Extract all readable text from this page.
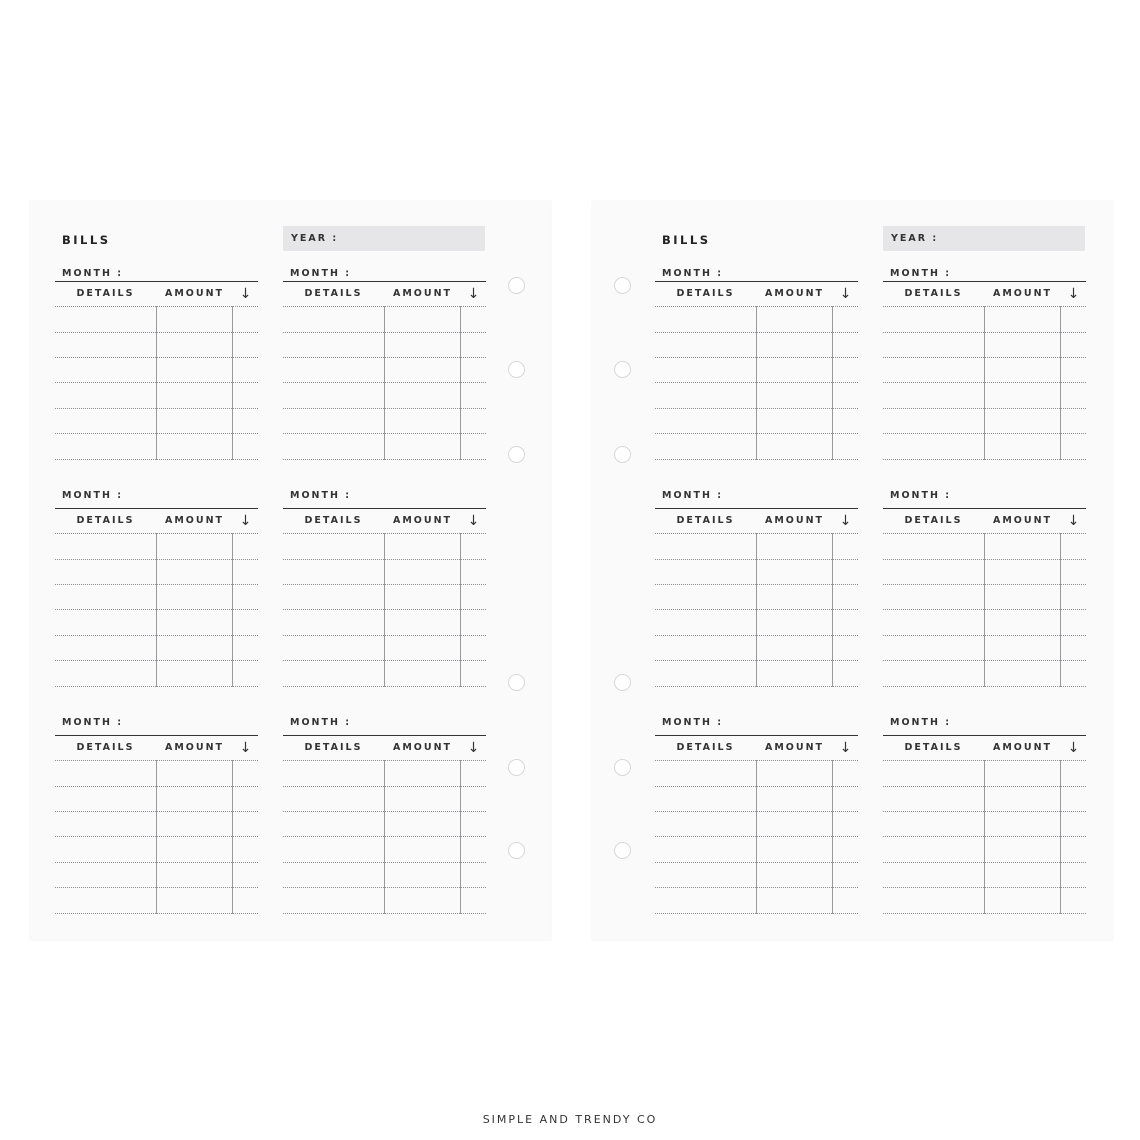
BILLS	YEAR :
MONTH :
DETAILS	AMOUNT	↓
MONTH :
DETAILS	AMOUNT	↓
MONTH :
DETAILS	AMOUNT	↓
MONTH :
DETAILS	AMOUNT	↓
MONTH :
DETAILS	AMOUNT	↓
MONTH :
DETAILS	AMOUNT	↓
BILLS	YEAR :
MONTH :
DETAILS	AMOUNT	↓
MONTH :
DETAILS	AMOUNT	↓
MONTH :
DETAILS	AMOUNT	↓
MONTH :
DETAILS	AMOUNT	↓
MONTH :
DETAILS	AMOUNT	↓
MONTH :
DETAILS	AMOUNT	↓
SIMPLE AND TRENDY CO
